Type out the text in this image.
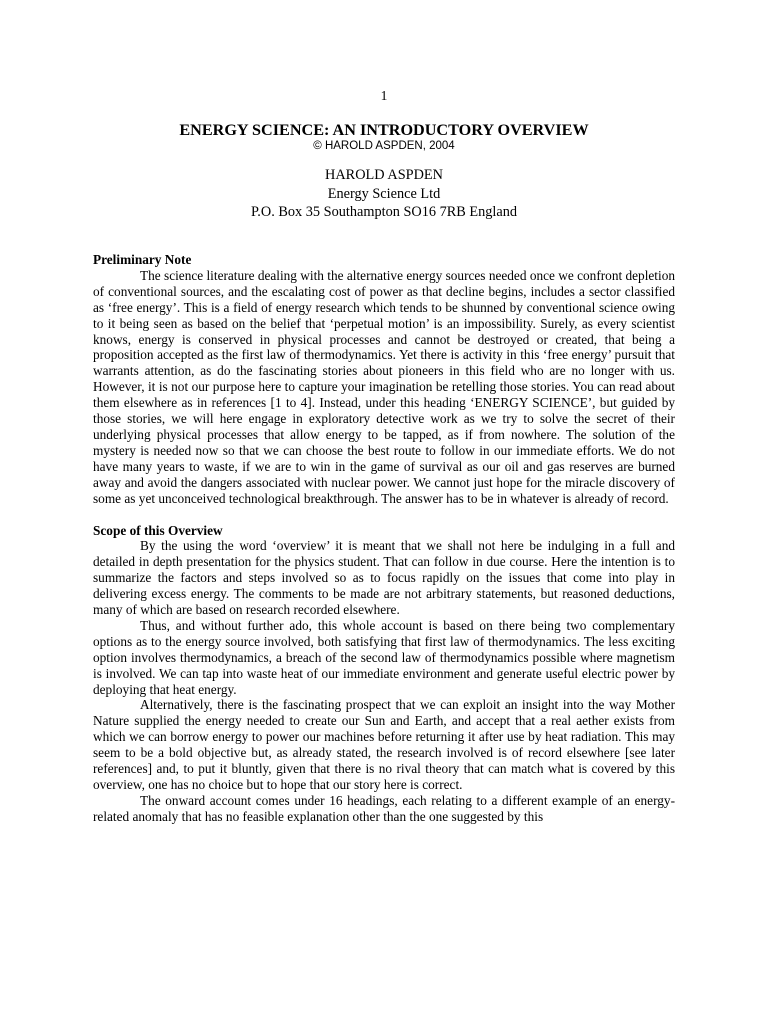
1
ENERGY SCIENCE: AN INTRODUCTORY OVERVIEW
© HAROLD ASPDEN, 2004
HAROLD ASPDEN
Energy Science Ltd
P.O. Box 35 Southampton SO16 7RB England
Preliminary Note

The science literature dealing with the alternative energy sources needed once we confront depletion of conventional sources, and the escalating cost of power as that decline begins, includes a sector classified as ‘free energy’. This is a field of energy research which tends to be shunned by conventional science owing to it being seen as based on the belief that ‘perpetual motion’ is an impossibility. Surely, as every scientist knows, energy is conserved in physical processes and cannot be destroyed or created, that being a proposition accepted as the first law of thermodynamics. Yet there is activity in this ‘free energy’ pursuit that warrants attention, as do the fascinating stories about pioneers in this field who are no longer with us. However, it is not our purpose here to capture your imagination be retelling those stories. You can read about them elsewhere as in references [1 to 4]. Instead, under this heading ‘ENERGY SCIENCE’, but guided by those stories, we will here engage in exploratory detective work as we try to solve the secret of their underlying physical processes that allow energy to be tapped, as if from nowhere. The solution of the mystery is needed now so that we can choose the best route to follow in our immediate efforts. We do not have many years to waste, if we are to win in the game of survival as our oil and gas reserves are burned away and avoid the dangers associated with nuclear power. We cannot just hope for the miracle discovery of some as yet unconceived technological breakthrough. The answer has to be in whatever is already of record.

Scope of this Overview

By the using the word ‘overview’ it is meant that we shall not here be indulging in a full and detailed in depth presentation for the physics student. That can follow in due course. Here the intention is to summarize the factors and steps involved so as to focus rapidly on the issues that come into play in delivering excess energy. The comments to be made are not arbitrary statements, but reasoned deductions, many of which are based on research recorded elsewhere.

Thus, and without further ado, this whole account is based on there being two complementary options as to the energy source involved, both satisfying that first law of thermodynamics. The less exciting option involves thermodynamics, a breach of the second law of thermodynamics possible where magnetism is involved. We can tap into waste heat of our immediate environment and generate useful electric power by deploying that heat energy.

Alternatively, there is the fascinating prospect that we can exploit an insight into the way Mother Nature supplied the energy needed to create our Sun and Earth, and accept that a real aether exists from which we can borrow energy to power our machines before returning it after use by heat radiation. This may seem to be a bold objective but, as already stated, the research involved is of record elsewhere [see later references] and, to put it bluntly, given that there is no rival theory that can match what is covered by this overview, one has no choice but to hope that our story here is correct.

The onward account comes under 16 headings, each relating to a different example of an energy-related anomaly that has no feasible explanation other than the one suggested by this
